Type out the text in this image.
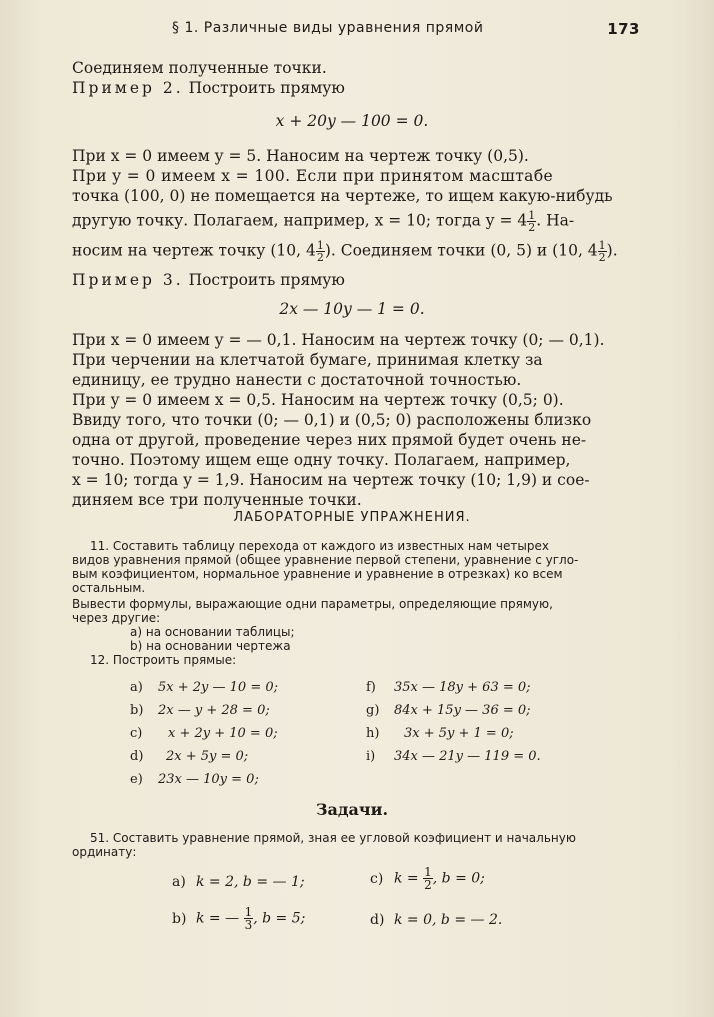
§ 1. Различные виды уравнения прямой	173
Соединяем полученные точки.
Пример 2. Построить прямую
x + 20y — 100 = 0.
При x = 0 имеем y = 5. Наносим на чертеж точку (0,5).
При y = 0 имеем x = 100. Если при принятом масштабе
точка (100, 0) не помещается на чертеже, то ищем какую-нибудь
другую точку. Полагаем, например, x = 10; тогда $y = 4 \frac{1}{2}$ . На-
носим на чертеж точку (10, $4 \frac{1}{2}$ ). Соединяем точки (0, 5) и (10, $4 \frac{1}{2}$ ).
Пример 3. Построить прямую
2x — 10y — 1 = 0.
При x = 0 имеем y = — 0,1. Наносим на чертеж точку (0; — 0,1).
При черчении на клетчатой бумаге, принимая клетку за
единицу, ее трудно нанести с достаточной точностью.
При y = 0 имеем x = 0,5. Наносим на чертеж точку (0,5; 0).
Ввиду того, что точки (0; — 0,1) и (0,5; 0) расположены близко
одна от другой, проведение через них прямой будет очень не-
точно. Поэтому ищем еще одну точку. Полагаем, например,
x = 10; тогда y = 1,9. Наносим на чертеж точку (10; 1,9) и сое-
диняем все три полученные точки.
ЛАБОРАТОРНЫЕ УПРАЖНЕНИЯ.
11. Составить таблицу перехода от каждого из известных нам четырех
видов уравнения прямой (общее уравнение первой степени, уравнение с угло-
вым коэфициентом, нормальное уравнение и уравнение в отрезках) ко всем
остальным.
Вывести формулы, выражающие одни параметры, определяющие прямую,
через другие:
a) на основании таблицы;
b) на основании чертежа
12. Построить прямые:
a) 5x + 2y — 10 = 0;
b) 2x — y + 28 = 0;
c) x + 2y + 10 = 0;
d) 2x + 5y = 0;
e) 23x — 10y = 0;
f) 35x — 18y + 63 = 0;
g) 84x + 15y — 36 = 0;
h) 3x + 5y + 1 = 0;
i) 34x — 21y — 119 = 0.
Задачи.
51. Составить уравнение прямой, зная ее угловой коэфициент и начальную
ординату:
a) k = 2, b = — 1;	c) $k = \frac{1}{2}$ , b = 0;
b) k = — $\frac{1}{3}$ , b = 5;	d) k = 0, b = — 2.
